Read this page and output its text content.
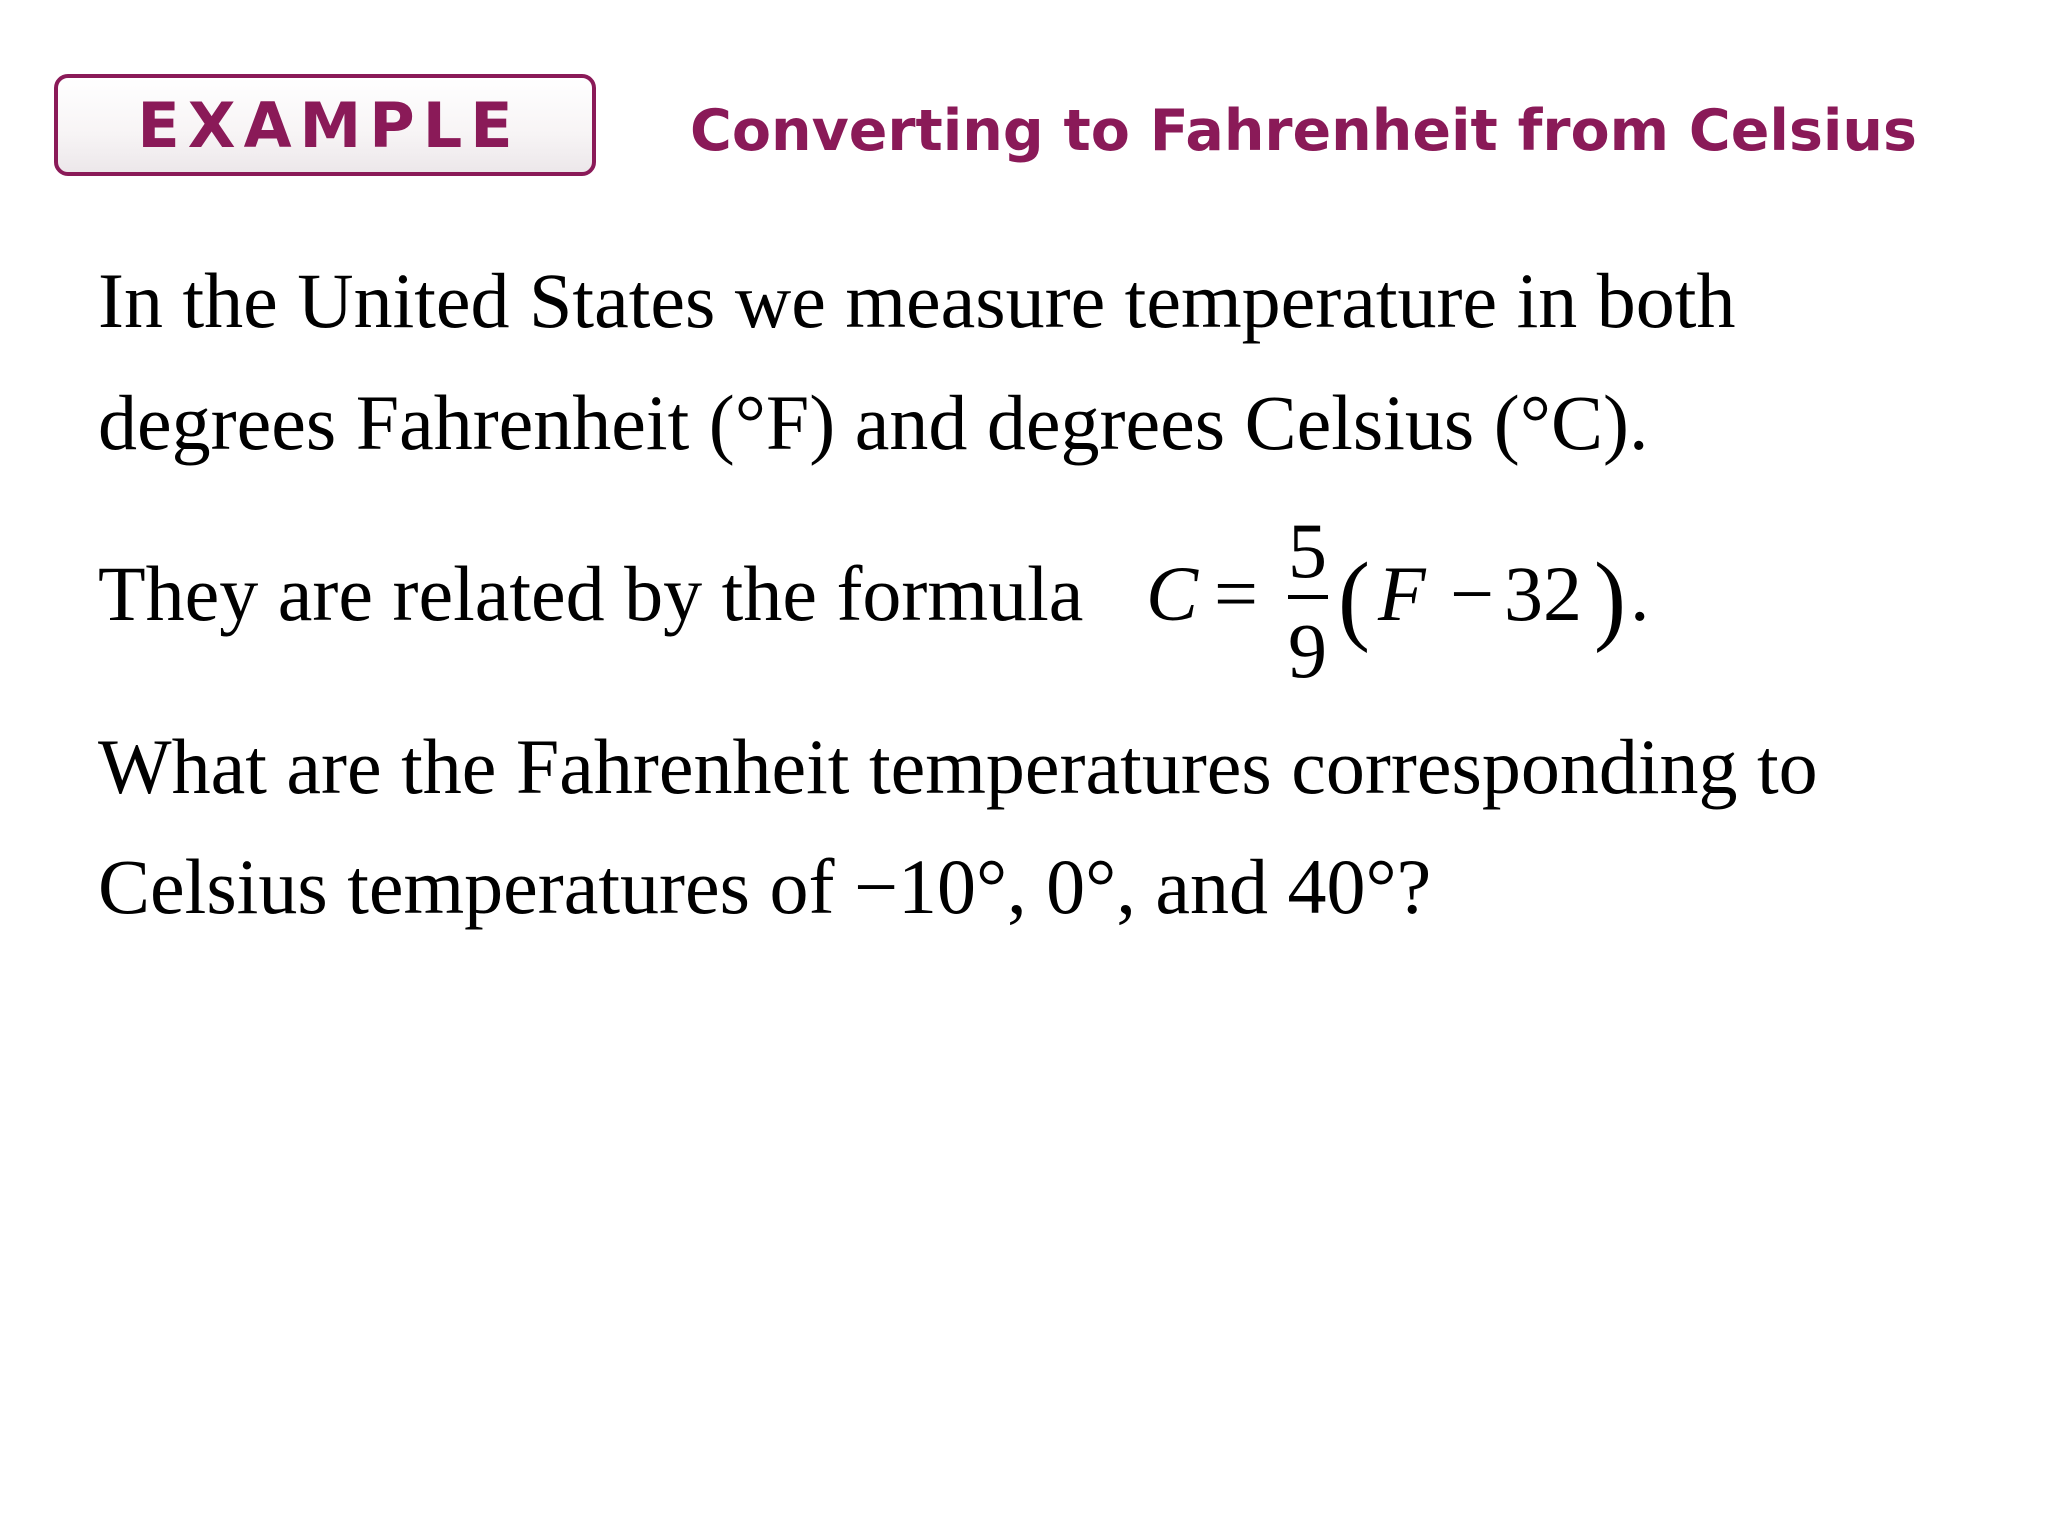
EXAMPLE	Converting to Fahrenheit from Celsius
In the United States we measure temperature in both
degrees Fahrenheit (°F) and degrees Celsius (°C).
They are related by the formula C = 5
9 ( F − 32 ) .
What are the Fahrenheit temperatures corresponding to
Celsius temperatures of −10°, 0°, and 40°?
